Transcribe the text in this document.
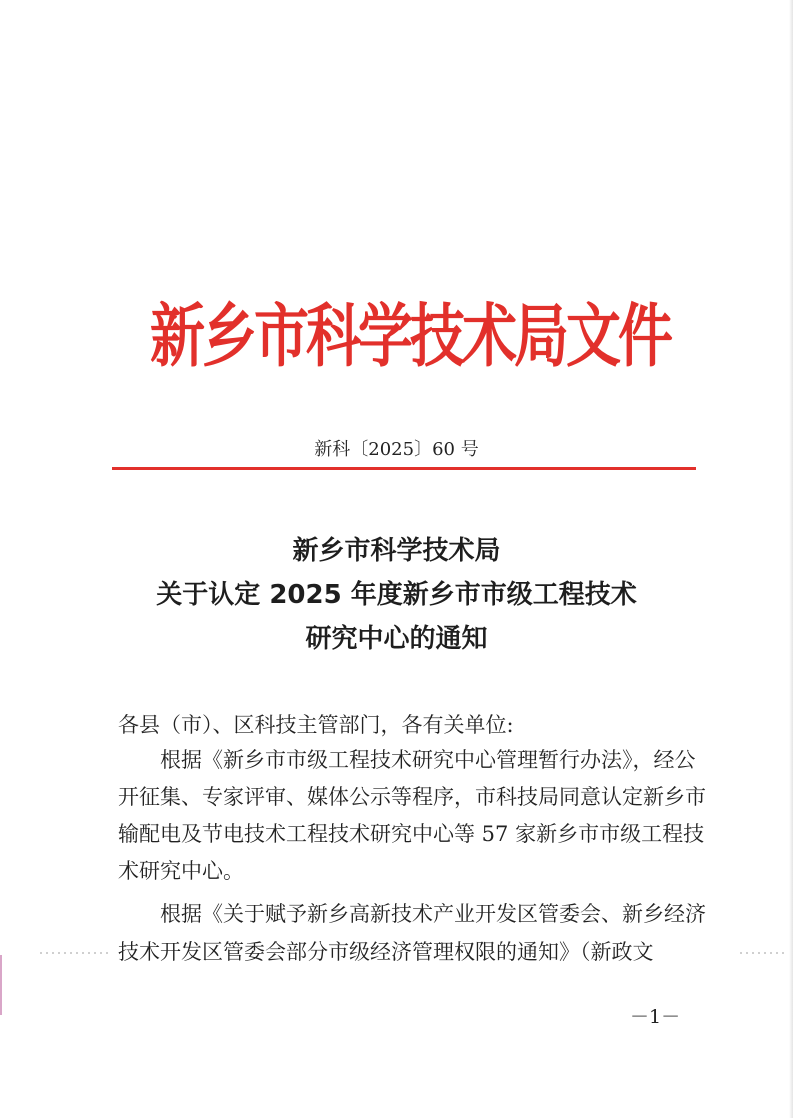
新乡市科学技术局文件
新科〔2025〕60 号
新乡市科学技术局
关于认定 2025 年度新乡市市级工程技术
研究中心的通知
各县（市）、区科技主管部门，各有关单位:
根据《新乡市市级工程技术研究中心管理暂行办法》，经公
开征集、专家评审、媒体公示等程序，市科技局同意认定新乡市
输配电及节电技术工程技术研究中心等 57 家新乡市市级工程技
术研究中心。
根据《关于赋予新乡高新技术产业开发区管委会、新乡经济
技术开发区管委会部分市级经济管理权限的通知》（新政文
－1－
